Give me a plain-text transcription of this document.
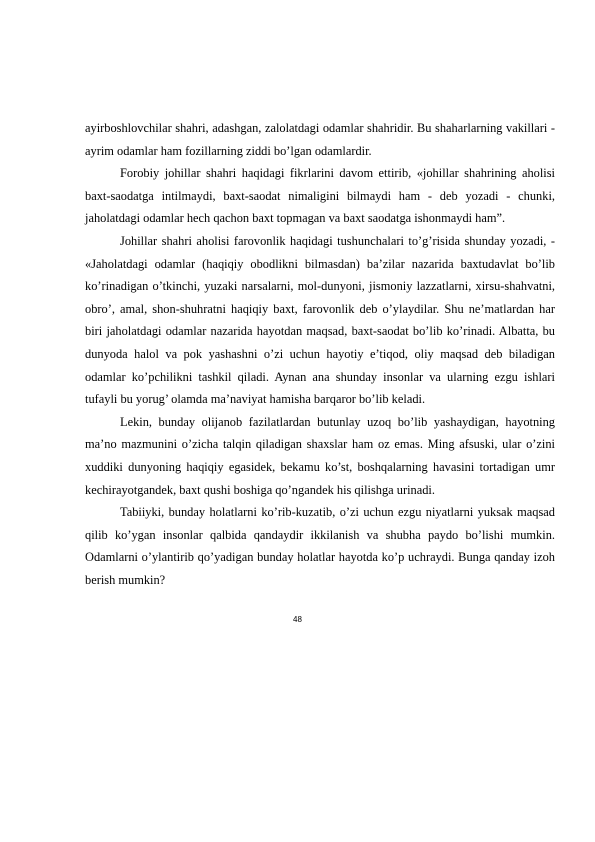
ayirboshlovchilar shahri, adashgan, zalolatdagi odamlar shahridir. Bu shaharlarning vakillari - ayrim odamlar ham fozillarning ziddi bo’lgan odamlardir.

Forobiy johillar shahri haqidagi fikrlarini davom ettirib, «johillar shahrining aholisi baxt-saodatga intilmaydi, baxt-saodat nimaligini bilmaydi ham - deb yozadi - chunki, jaholatdagi odamlar hech qachon baxt topmagan va baxt saodatga ishonmaydi ham”.

Johillar shahri aholisi farovonlik haqidagi tushunchalari to’g’risida shunday yozadi, - «Jaholatdagi odamlar (haqiqiy obodlikni bilmasdan) ba’zilar nazarida baxtudavlat bo’lib ko’rinadigan o’tkinchi, yuzaki narsalarni, mol-dunyoni, jismoniy lazzatlarni, xirsu-shahvatni, obro’, amal, shon-shuhratni haqiqiy baxt, farovonlik deb o’ylaydilar. Shu ne’matlardan har biri jaholatdagi odamlar nazarida hayotdan maqsad, baxt-saodat bo’lib ko’rinadi. Albatta, bu dunyoda halol va pok yashashni o’zi uchun hayotiy e’tiqod, oliy maqsad deb biladigan odamlar ko’pchilikni tashkil qiladi. Aynan ana shunday insonlar va ularning ezgu ishlari tufayli bu yorug’ olamda ma’naviyat hamisha barqaror bo’lib keladi.

Lekin, bunday olijanob fazilatlardan butunlay uzoq bo’lib yashaydigan, hayotning ma’no mazmunini o’zicha talqin qiladigan shaxslar ham oz emas. Ming afsuski, ular o’zini xuddiki dunyoning haqiqiy egasidek, bekamu ko’st, boshqalarning havasini tortadigan umr kechirayotgandek, baxt qushi boshiga qo’ngandek his qilishga urinadi.

Tabiiyki, bunday holatlarni ko’rib-kuzatib, o’zi uchun ezgu niyatlarni yuksak maqsad qilib ko’ygan insonlar qalbida qandaydir ikkilanish va shubha paydo bo’lishi mumkin. Odamlarni o’ylantirib qo’yadigan bunday holatlar hayotda ko’p uchraydi. Bunga qanday izoh berish mumkin?

48
